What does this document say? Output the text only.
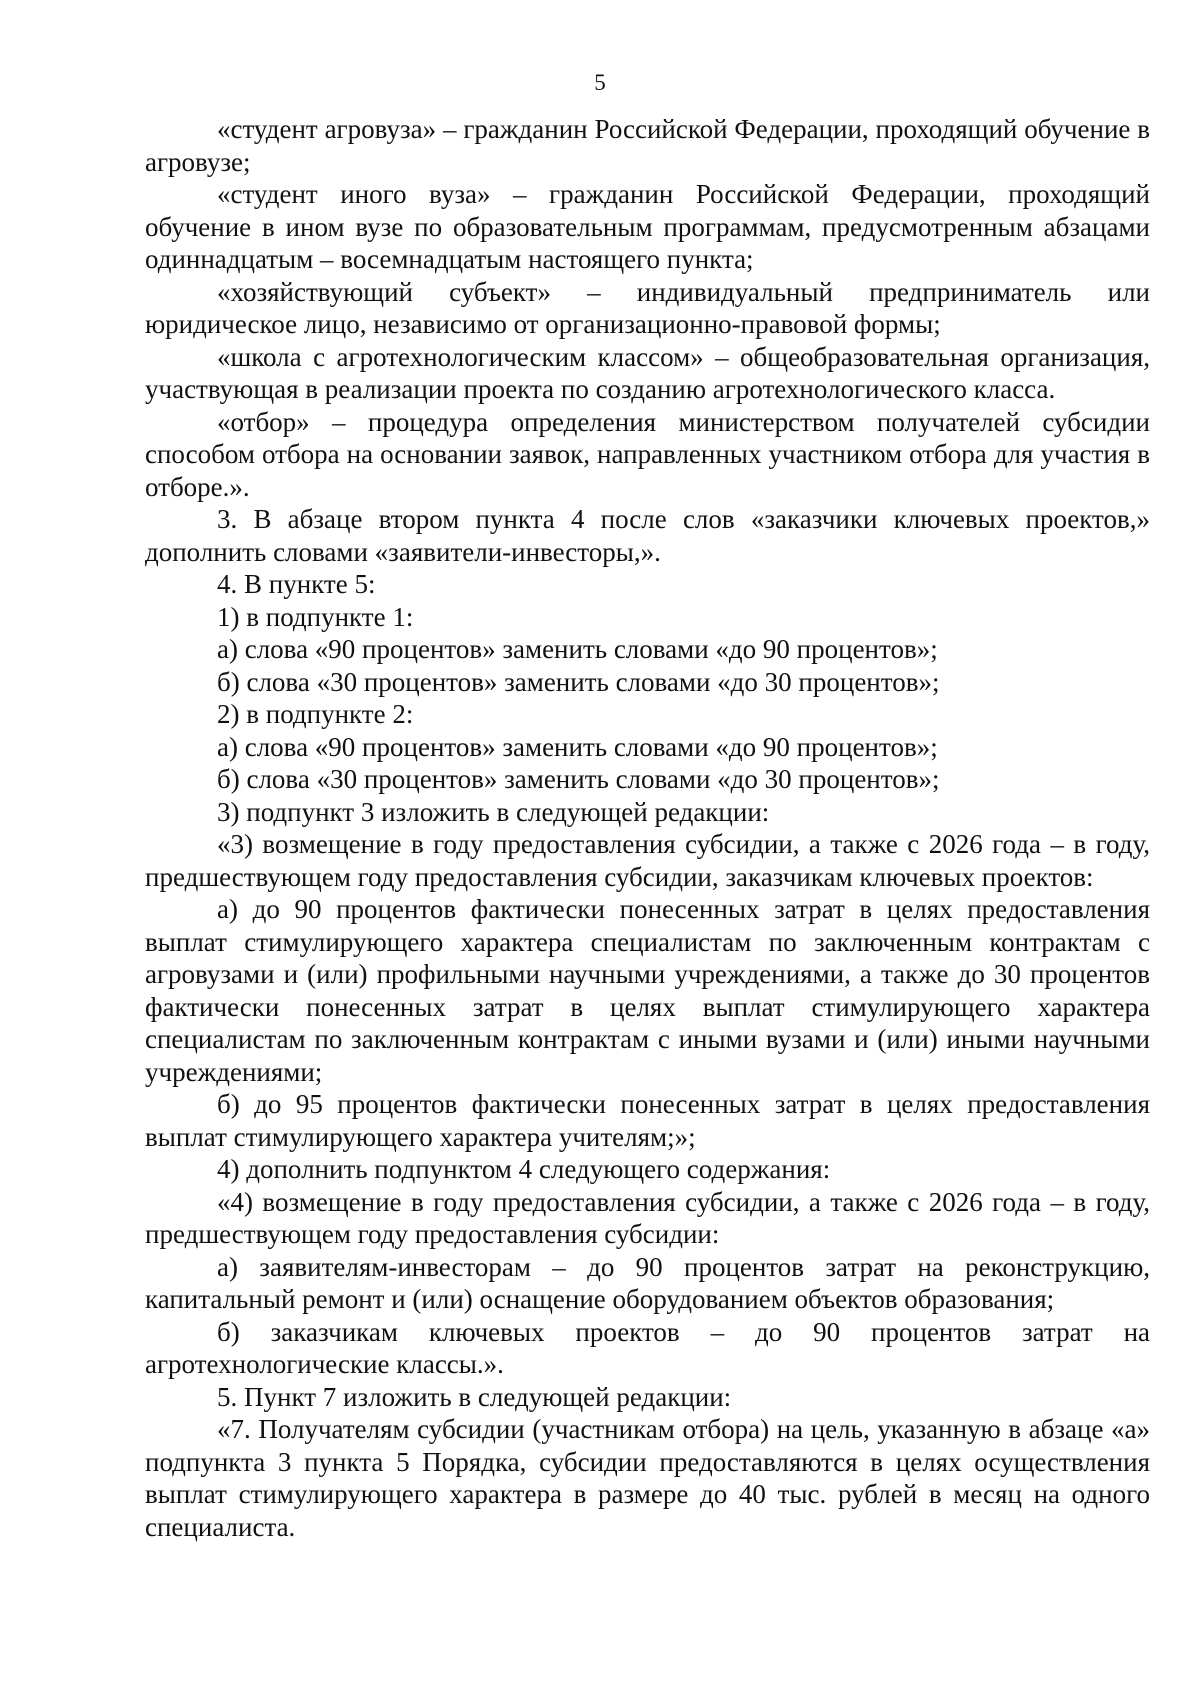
5

«студент агровуза» – гражданин Российской Федерации, проходящий обучение в агровузе;

«студент иного вуза» – гражданин Российской Федерации, проходящий обучение в ином вузе по образовательным программам, предусмотренным абзацами одиннадцатым – восемнадцатым настоящего пункта;

«хозяйствующий субъект» – индивидуальный предприниматель или юридическое лицо, независимо от организационно-правовой формы;

«школа с агротехнологическим классом» – общеобразовательная организация, участвующая в реализации проекта по созданию агротехнологического класса.

«отбор» – процедура определения министерством получателей субсидии способом отбора на основании заявок, направленных участником отбора для участия в отборе.».

3. В абзаце втором пункта 4 после слов «заказчики ключевых проектов,» дополнить словами «заявители-инвесторы,».

4. В пункте 5:

1) в подпункте 1:

а) слова «90 процентов» заменить словами «до 90 процентов»;

б) слова «30 процентов» заменить словами «до 30 процентов»;

2) в подпункте 2:

а) слова «90 процентов» заменить словами «до 90 процентов»;

б) слова «30 процентов» заменить словами «до 30 процентов»;

3) подпункт 3 изложить в следующей редакции:

«3) возмещение в году предоставления субсидии, а также с 2026 года – в году, предшествующем году предоставления субсидии, заказчикам ключевых проектов:

а) до 90 процентов фактически понесенных затрат в целях предоставления выплат стимулирующего характера специалистам по заключенным контрактам с агровузами и (или) профильными научными учреждениями, а также до 30 процентов фактически понесенных затрат в целях выплат стимулирующего характера специалистам по заключенным контрактам с иными вузами и (или) иными научными учреждениями;

б) до 95 процентов фактически понесенных затрат в целях предоставления выплат стимулирующего характера учителям;»;

4) дополнить подпунктом 4 следующего содержания:

«4) возмещение в году предоставления субсидии, а также с 2026 года – в году, предшествующем году предоставления субсидии:

а) заявителям-инвесторам – до 90 процентов затрат на реконструкцию, капитальный ремонт и (или) оснащение оборудованием объектов образования;

б) заказчикам ключевых проектов – до 90 процентов затрат на агротехнологические классы.».

5. Пункт 7 изложить в следующей редакции:

«7. Получателям субсидии (участникам отбора) на цель, указанную в абзаце «а» подпункта 3 пункта 5 Порядка, субсидии предоставляются в целях осуществления выплат стимулирующего характера в размере до 40 тыс. рублей в месяц на одного специалиста.
